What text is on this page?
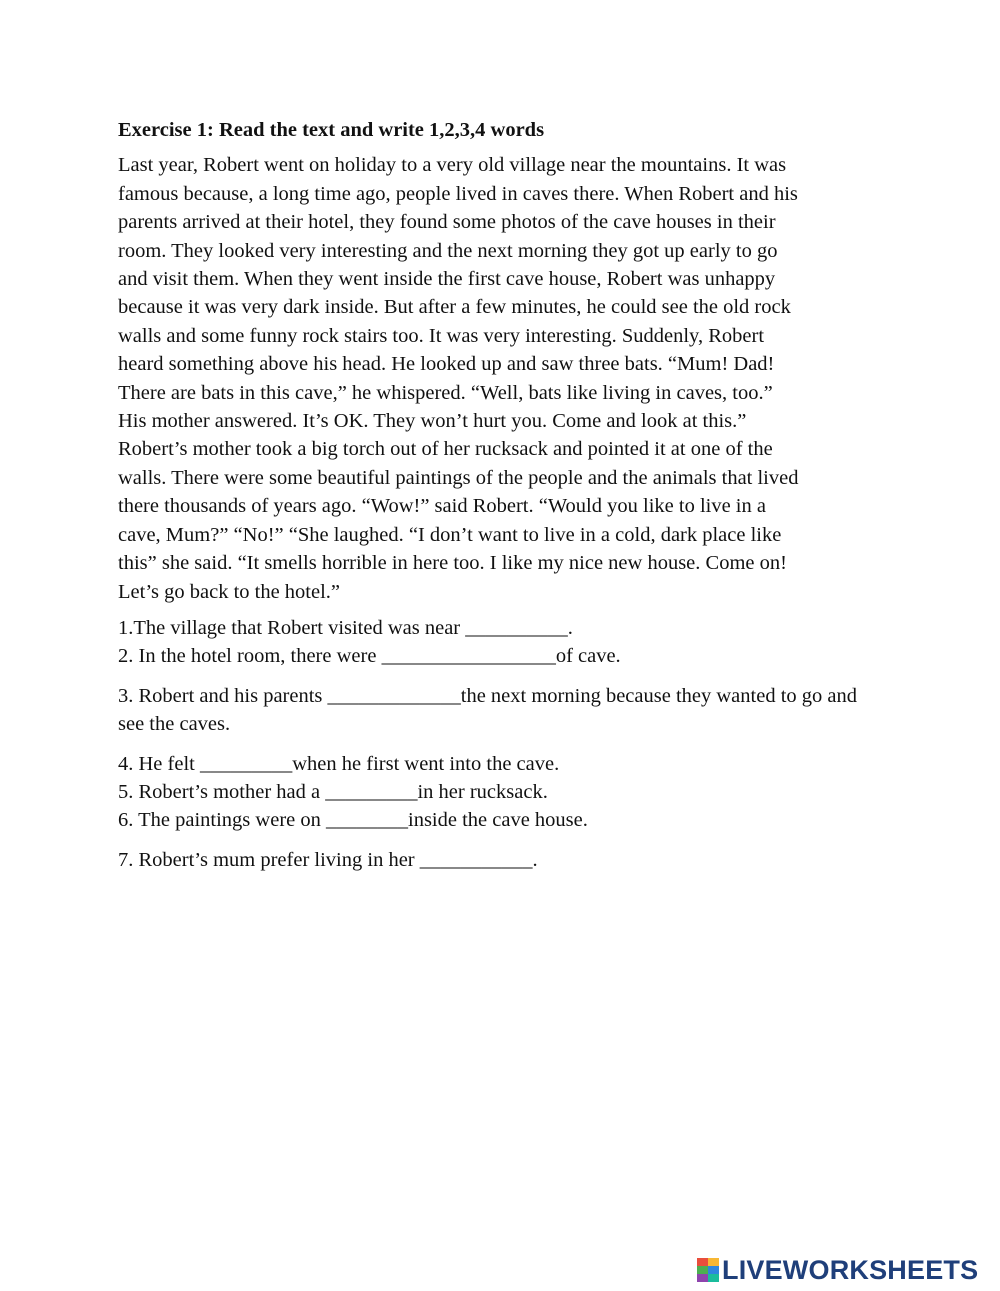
Exercise 1: Read the text and write 1,2,3,4 words
Last year, Robert went on holiday to a very old village near the mountains. It was
famous because, a long time ago, people lived in caves there. When Robert and his
parents arrived at their hotel, they found some photos of the cave houses in their
room. They looked very interesting and the next morning they got up early to go
and visit them. When they went inside the first cave house, Robert was unhappy
because it was very dark inside. But after a few minutes, he could see the old rock
walls and some funny rock stairs too. It was very interesting. Suddenly, Robert
heard something above his head. He looked up and saw three bats. “Mum! Dad!
There are bats in this cave,” he whispered. “Well, bats like living in caves, too.”
His mother answered. It’s OK. They won’t hurt you. Come and look at this.”
Robert’s mother took a big torch out of her rucksack and pointed it at one of the
walls. There were some beautiful paintings of the people and the animals that lived
there thousands of years ago. “Wow!” said Robert. “Would you like to live in a
cave, Mum?” “No!” “She laughed. “I don’t want to live in a cold, dark place like
this” she said. “It smells horrible in here too. I like my nice new house. Come on!
Let’s go back to the hotel.”
1.The village that Robert visited was near __________.
2. In the hotel room, there were _________________of cave.
3. Robert and his parents _____________the next morning because they wanted to go and see the caves.
4. He felt _________when he first went into the cave.
5. Robert’s mother had a _________in her rucksack.
6. The paintings were on ________inside the cave house.
7. Robert’s mum prefer living in her ___________.
LIVEWORKSHEETS
